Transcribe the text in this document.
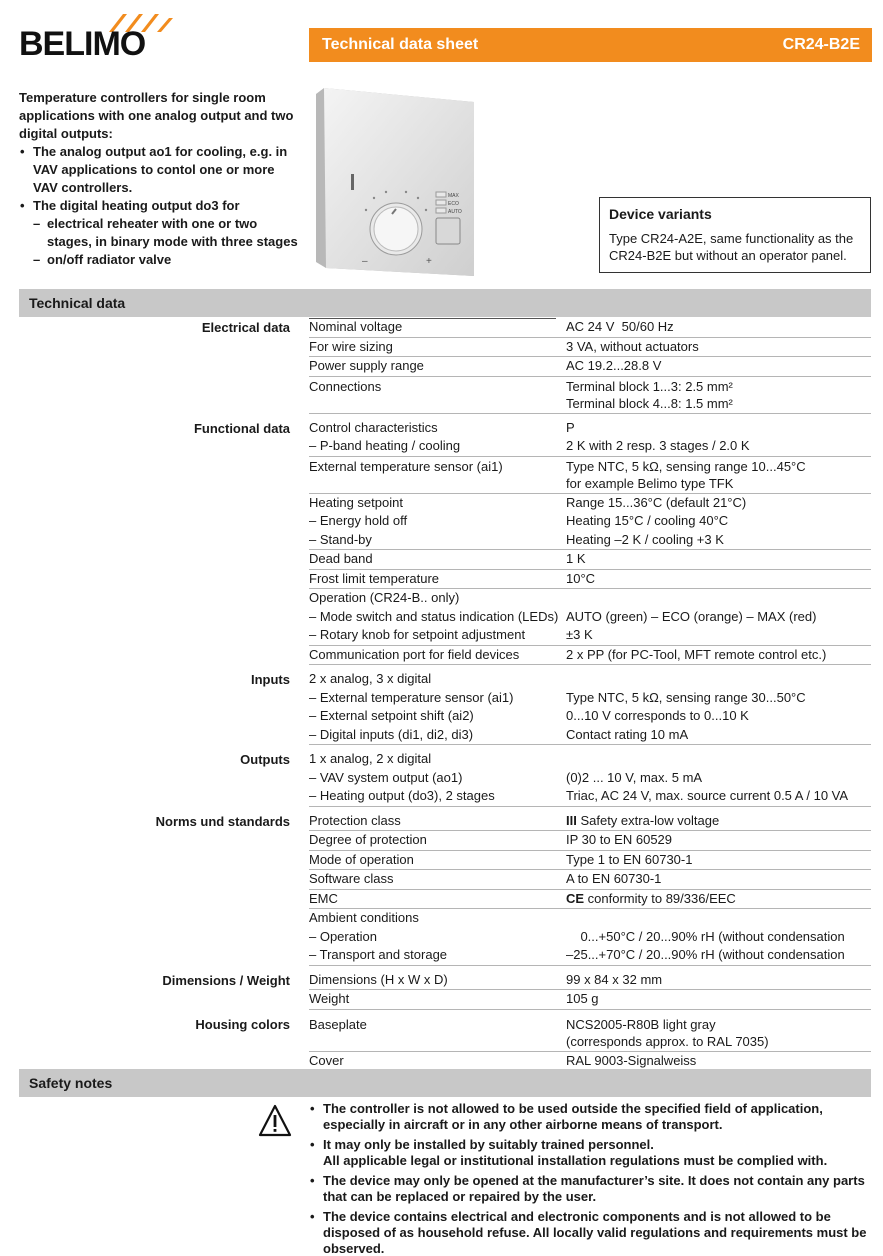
BELIMO	Technical data sheet	CR24-B2E
Temperature controllers for single room applications with one analog output and two digital outputs:
• The analog output ao1 for cooling, e.g. in VAV applications to contol one or more VAV controllers.
• The digital heating output do3 for
– electrical reheater with one or two stages, in binary mode with three stages
– on/off radiator valve	–	+
MAX
ECO
AUTO	Device variants

Type CR24-A2E, same functionality as the CR24-B2E but without an operator panel.

Technical data
Electrical data	Nominal voltage	AC 24 V  50/60 Hz
For wire sizing	3 VA, without actuators
Power supply range	AC 19.2...28.8 V
Connections	Terminal block 1...3: 2.5 mm²
Terminal block 4...8: 1.5 mm²
Functional data	Control characteristics	P
– P-band heating / cooling	2 K with 2 resp. 3 stages / 2.0 K
External temperature sensor (ai1)	Type NTC, 5 kΩ, sensing range 10...45°C
for example Belimo type TFK
Heating setpoint	Range 15...36°C (default 21°C)
– Energy hold off	Heating 15°C / cooling 40°C
– Stand-by	Heating –2 K / cooling +3 K
Dead band	1 K
Frost limit temperature	10°C
Operation (CR24-B.. only)
– Mode switch and status indication (LEDs) AUTO (green) – ECO (orange) – MAX (red)
– Rotary knob for setpoint adjustment	±3 K
Communication port for field devices	2 x PP (for PC-Tool, MFT remote control etc.)
Inputs	2 x analog, 3 x digital
– External temperature sensor (ai1)	Type NTC, 5 kΩ, sensing range 30...50°C
– External setpoint shift (ai2)	0...10 V corresponds to 0...10 K
– Digital inputs (di1, di2, di3)	Contact rating 10 mA
Outputs	1 x analog, 2 x digital
– VAV system output (ao1)	(0)2 ... 10 V, max. 5 mA
– Heating output (do3), 2 stages	Triac, AC 24 V, max. source current 0.5 A / 10 VA
Norms und standards	Protection class	III Safety extra-low voltage
Degree of protection	IP 30 to EN 60529
Mode of operation	Type 1 to EN 60730-1
Software class	A to EN 60730-1
EMC	CE conformity to 89/336/EEC
Ambient conditions
– Operation	0...+50°C / 20...90% rH (without condensation
– Transport and storage	–25...+70°C / 20...90% rH (without condensation
Dimensions / Weight	Dimensions (H x W x D)	99 x 84 x 32 mm
Weight	105 g
Housing colors	Baseplate	NCS2005-R80B light gray
(corresponds approx. to RAL 7035)
Cover	RAL 9003-Signalweiss
Safety notes
• The controller is not allowed to be used outside the specified field of application, especially in aircraft or in any other airborne means of transport.
• It may only be installed by suitably trained personnel.
All applicable legal or institutional installation regulations must be complied with.
• The device may only be opened at the manufacturer’s site. It does not contain any parts that can be replaced or repaired by the user.
• The device contains electrical and electronic components and is not allowed to be disposed of as household refuse. All locally valid regulations and requirements must be observed.
